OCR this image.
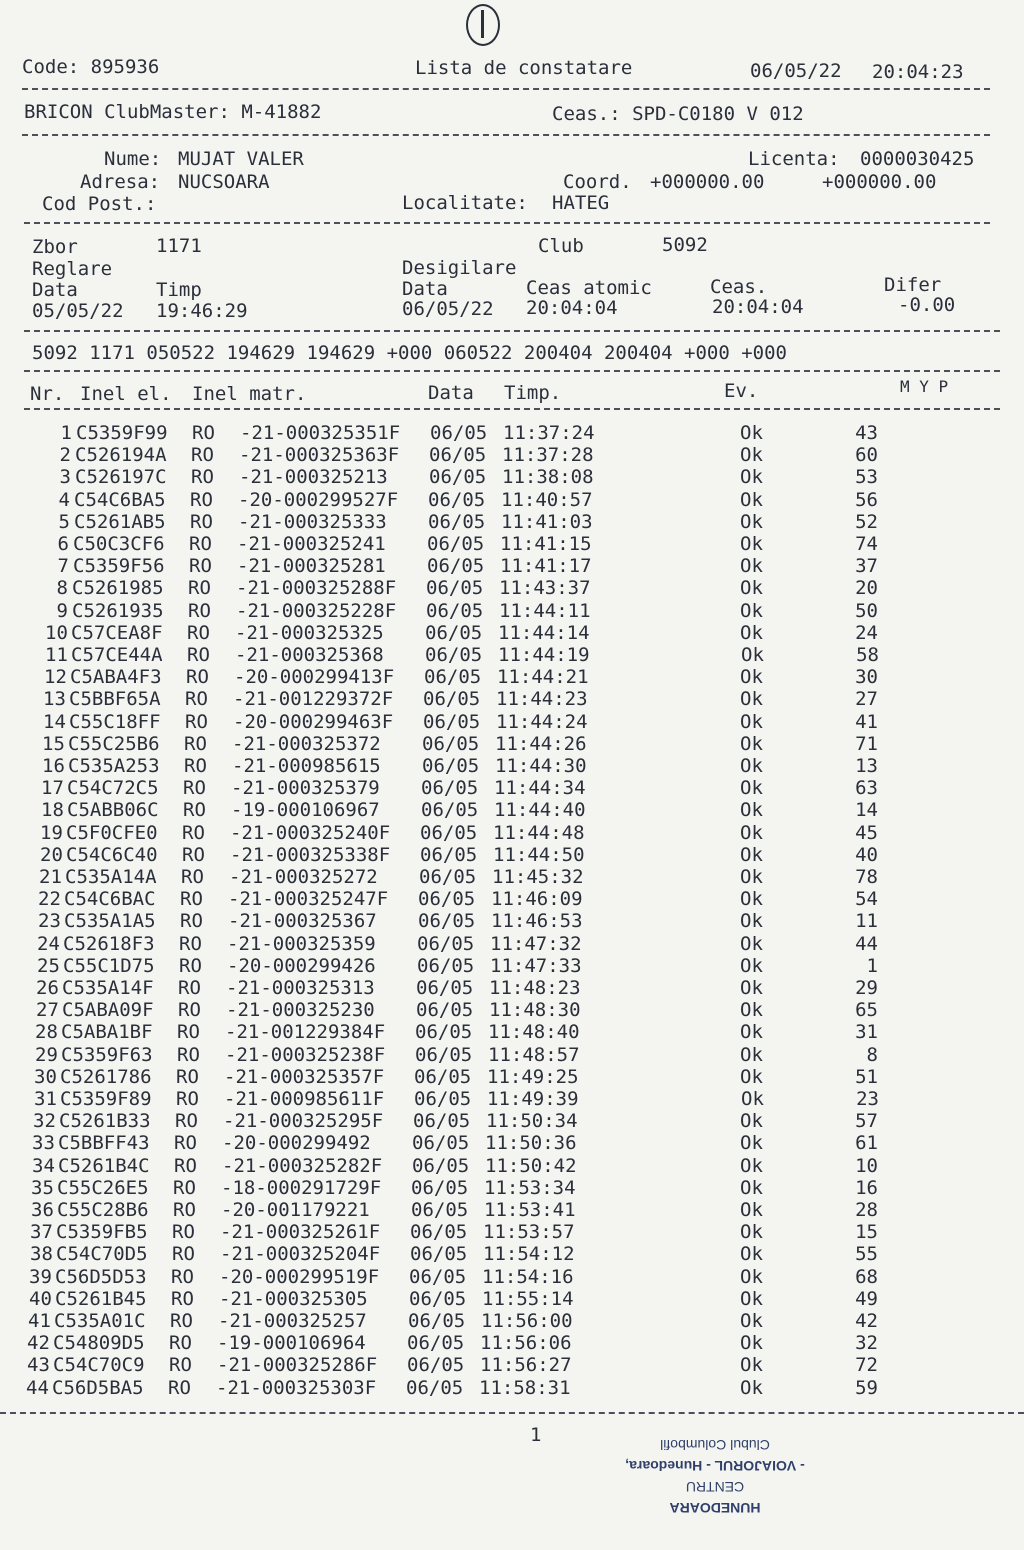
Code: 895936	Lista de constatare	06/05/22 20:04:23
BRICON ClubMaster: M-41882	Ceas.: SPD-C0180 V 012
Nume: MUJAT VALER	Licenta: 0000030425
Adresa: NUCSOARA	Coord. +000000.00	+000000.00
Cod Post.:	Localitate: HATEG
Zbor	1171	Club	5092
Reglare	Desigilare
Data	Timp	Data	Ceas atomic	Ceas.	Difer
05/05/22 19:46:29	06/05/22 20:04:04	20:04:04	-0.00
5092 1171 050522 194629 194629 +000 060522 200404 200404 +000 +000
Nr. Inel el. Inel matr.	Data Timp.	Ev.	M Y P
1 C5359F99 RO -21-000325351F 06/05 11:37:24	Ok	43
2 C526194A RO -21-000325363F 06/05 11:37:28	Ok	60
3 C526197C RO -21-000325213 06/05 11:38:08	Ok	53
4 C54C6BA5 RO -20-000299527F 06/05 11:40:57	Ok	56
5 C5261AB5 RO -21-000325333 06/05 11:41:03	Ok	52
6 C50C3CF6 RO -21-000325241 06/05 11:41:15	Ok	74
7 C5359F56 RO -21-000325281 06/05 11:41:17	Ok	37
8 C5261985 RO -21-000325288F 06/05 11:43:37	Ok	20
9 C5261935 RO -21-000325228F 06/05 11:44:11	Ok	50
10 C57CEA8F RO -21-000325325 06/05 11:44:14	Ok	24
11 C57CE44A RO -21-000325368 06/05 11:44:19	Ok	58
12 C5ABA4F3 RO -20-000299413F 06/05 11:44:21	Ok	30
13 C5BBF65A RO -21-001229372F 06/05 11:44:23	Ok	27
14 C55C18FF RO -20-000299463F 06/05 11:44:24	Ok	41
15 C55C25B6 RO -21-000325372 06/05 11:44:26	Ok	71
16 C535A253 RO -21-000985615 06/05 11:44:30	Ok	13
17 C54C72C5 RO -21-000325379 06/05 11:44:34	Ok	63
18 C5ABB06C RO -19-000106967 06/05 11:44:40	Ok	14
19 C5F0CFE0 RO -21-000325240F 06/05 11:44:48	Ok	45
20 C54C6C40 RO -21-000325338F 06/05 11:44:50	Ok	40
21 C535A14A RO -21-000325272 06/05 11:45:32	Ok	78
22 C54C6BAC RO -21-000325247F 06/05 11:46:09	Ok	54
23 C535A1A5 RO -21-000325367 06/05 11:46:53	Ok	11
24 C52618F3 RO -21-000325359 06/05 11:47:32	Ok	44
25 C55C1D75 RO -20-000299426 06/05 11:47:33	Ok	1
26 C535A14F RO -21-000325313 06/05 11:48:23	Ok	29
27 C5ABA09F RO -21-000325230 06/05 11:48:30	Ok	65
28 C5ABA1BF RO -21-001229384F 06/05 11:48:40	Ok	31
29 C5359F63 RO -21-000325238F 06/05 11:48:57	Ok	8
30 C5261786 RO -21-000325357F 06/05 11:49:25	Ok	51
31 C5359F89 RO -21-000985611F 06/05 11:49:39	Ok	23
32 C5261B33 RO -21-000325295F 06/05 11:50:34	Ok	57
33 C5BBFF43 RO -20-000299492 06/05 11:50:36	Ok	61
34 C5261B4C RO -21-000325282F 06/05 11:50:42	Ok	10
35 C55C26E5 RO -18-000291729F 06/05 11:53:34	Ok	16
36 C55C28B6 RO -20-001179221 06/05 11:53:41	Ok	28
37 C5359FB5 RO -21-000325261F 06/05 11:53:57	Ok	15
38 C54C70D5 RO -21-000325204F 06/05 11:54:12	Ok	55
39 C56D5D53 RO -20-000299519F 06/05 11:54:16	Ok	68
40 C5261B45 RO -21-000325305 06/05 11:55:14	Ok	49
41 C535A01C RO -21-000325257 06/05 11:56:00	Ok	42
42 C54809D5 RO -19-000106964 06/05 11:56:06	Ok	32
43 C54C70C9 RO -21-000325286F 06/05 11:56:27	Ok	72
44 C56D5BA5 RO -21-000325303F 06/05 11:58:31	Ok	59
1
HUNEDOARA
CENTRU
- VOIAJORUL - Hunedoara,
Clubul Columbofil
